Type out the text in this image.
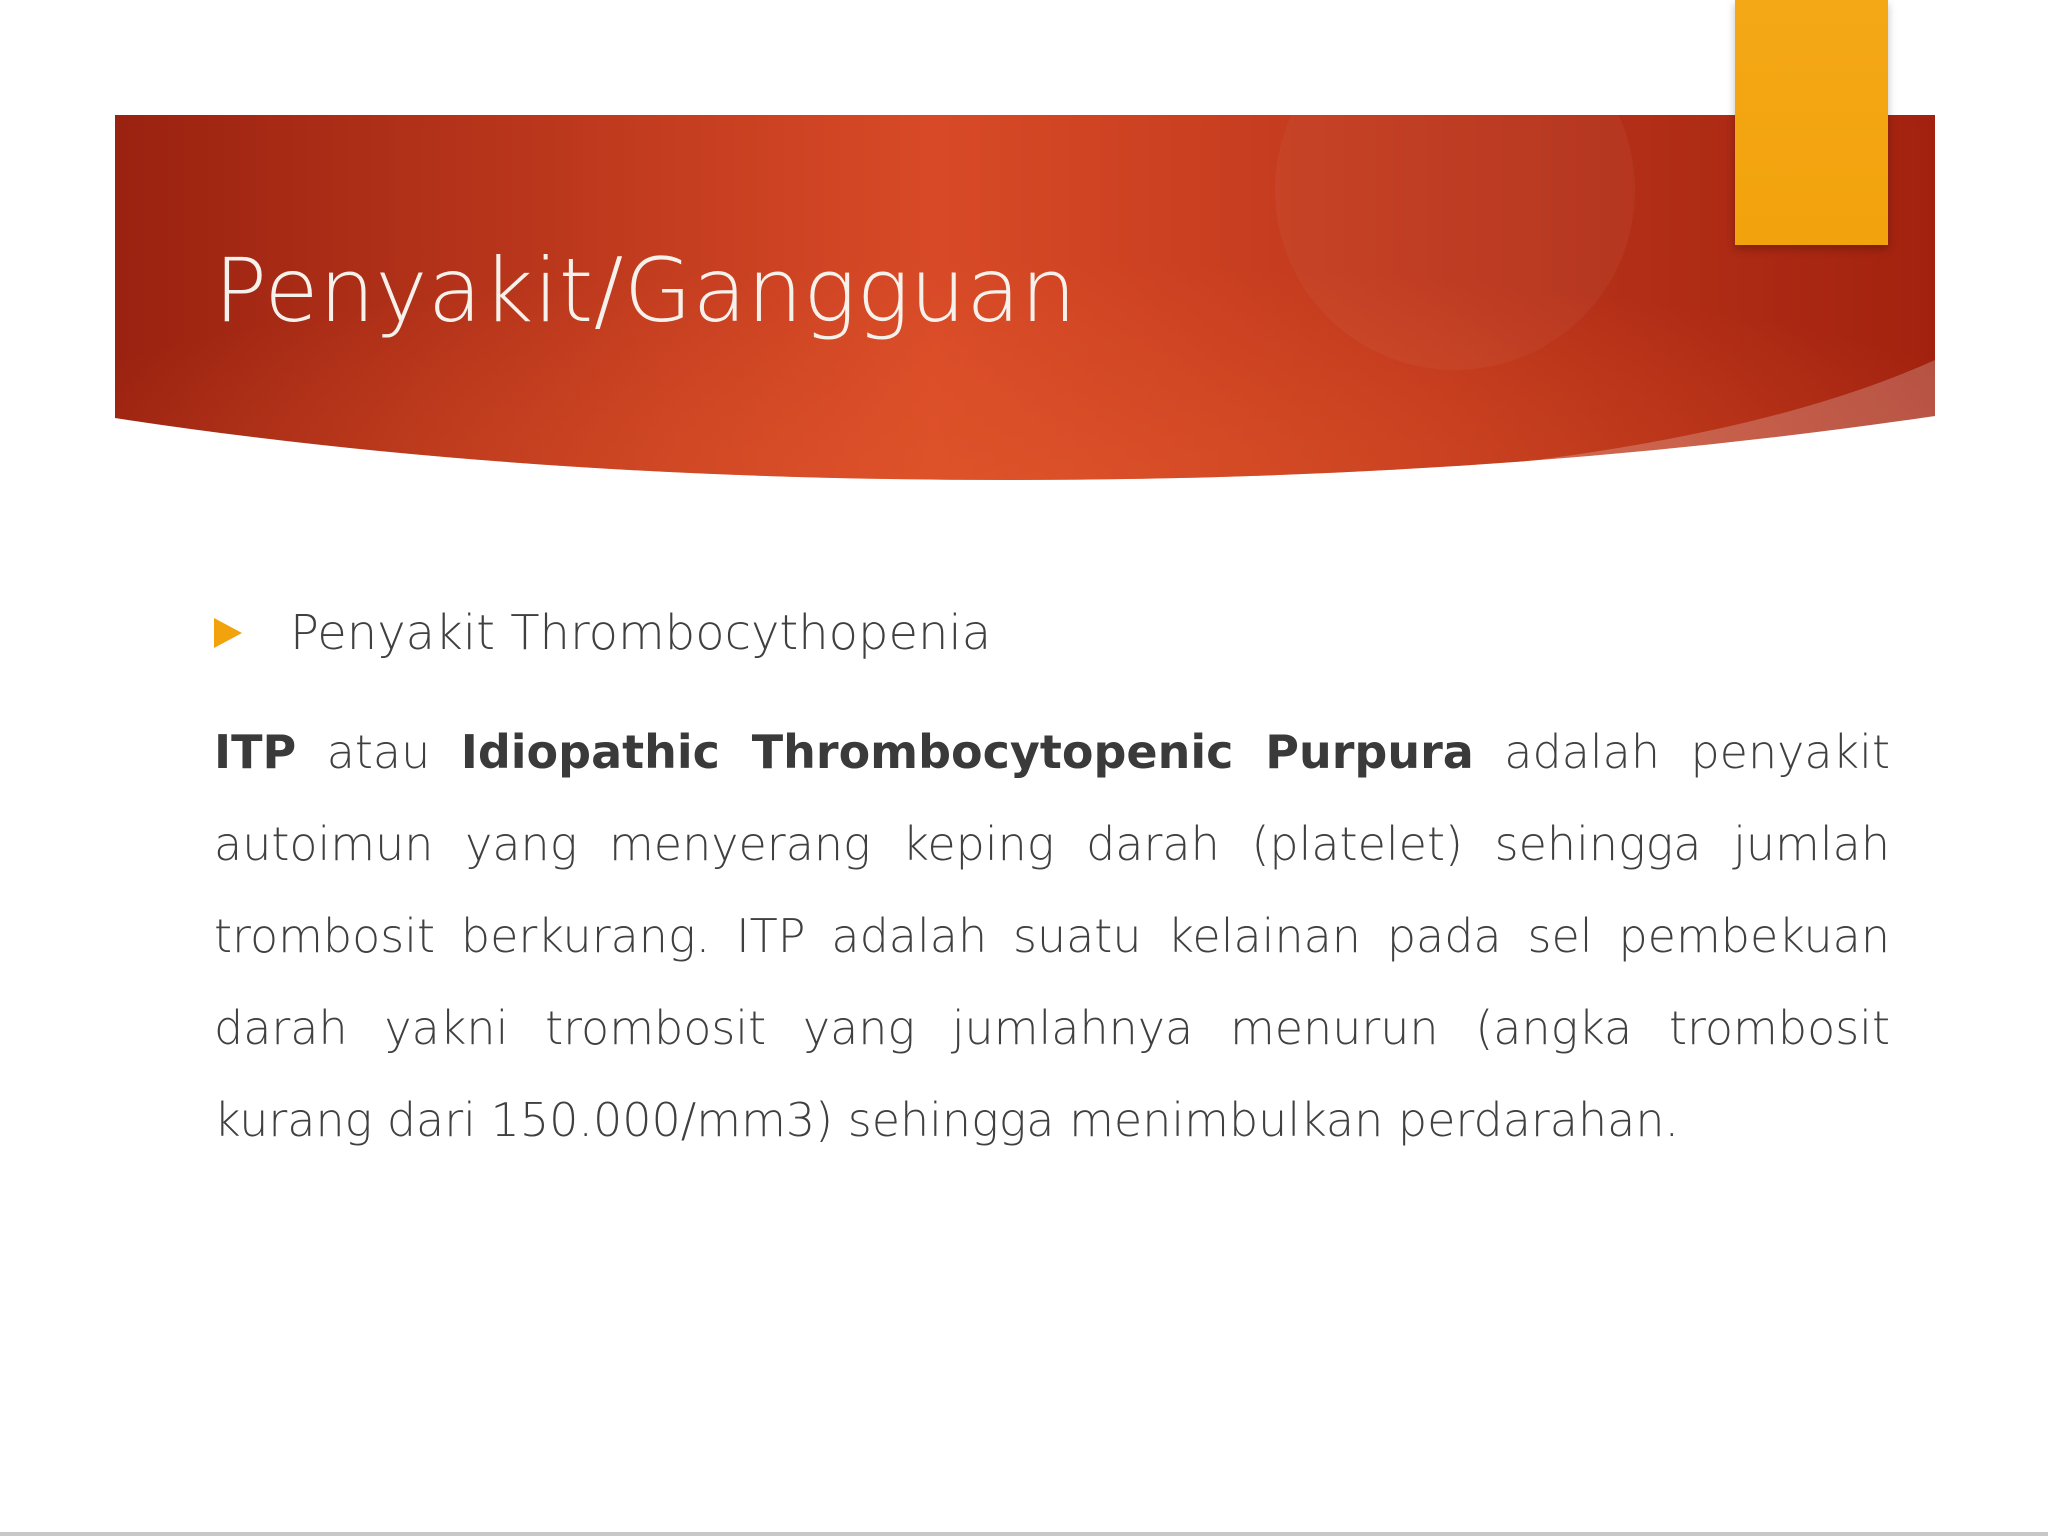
Penyakit/Gangguan
Penyakit Thrombocythopenia

ITP atau Idiopathic Thrombocytopenic Purpura adalah penyakit autoimun yang menyerang keping darah (platelet) sehingga jumlah trombosit berkurang. ITP adalah suatu kelainan pada sel pembekuan darah yakni trombosit yang jumlahnya menurun (angka trombosit kurang dari 150.000/mm3) sehingga menimbulkan perdarahan.
